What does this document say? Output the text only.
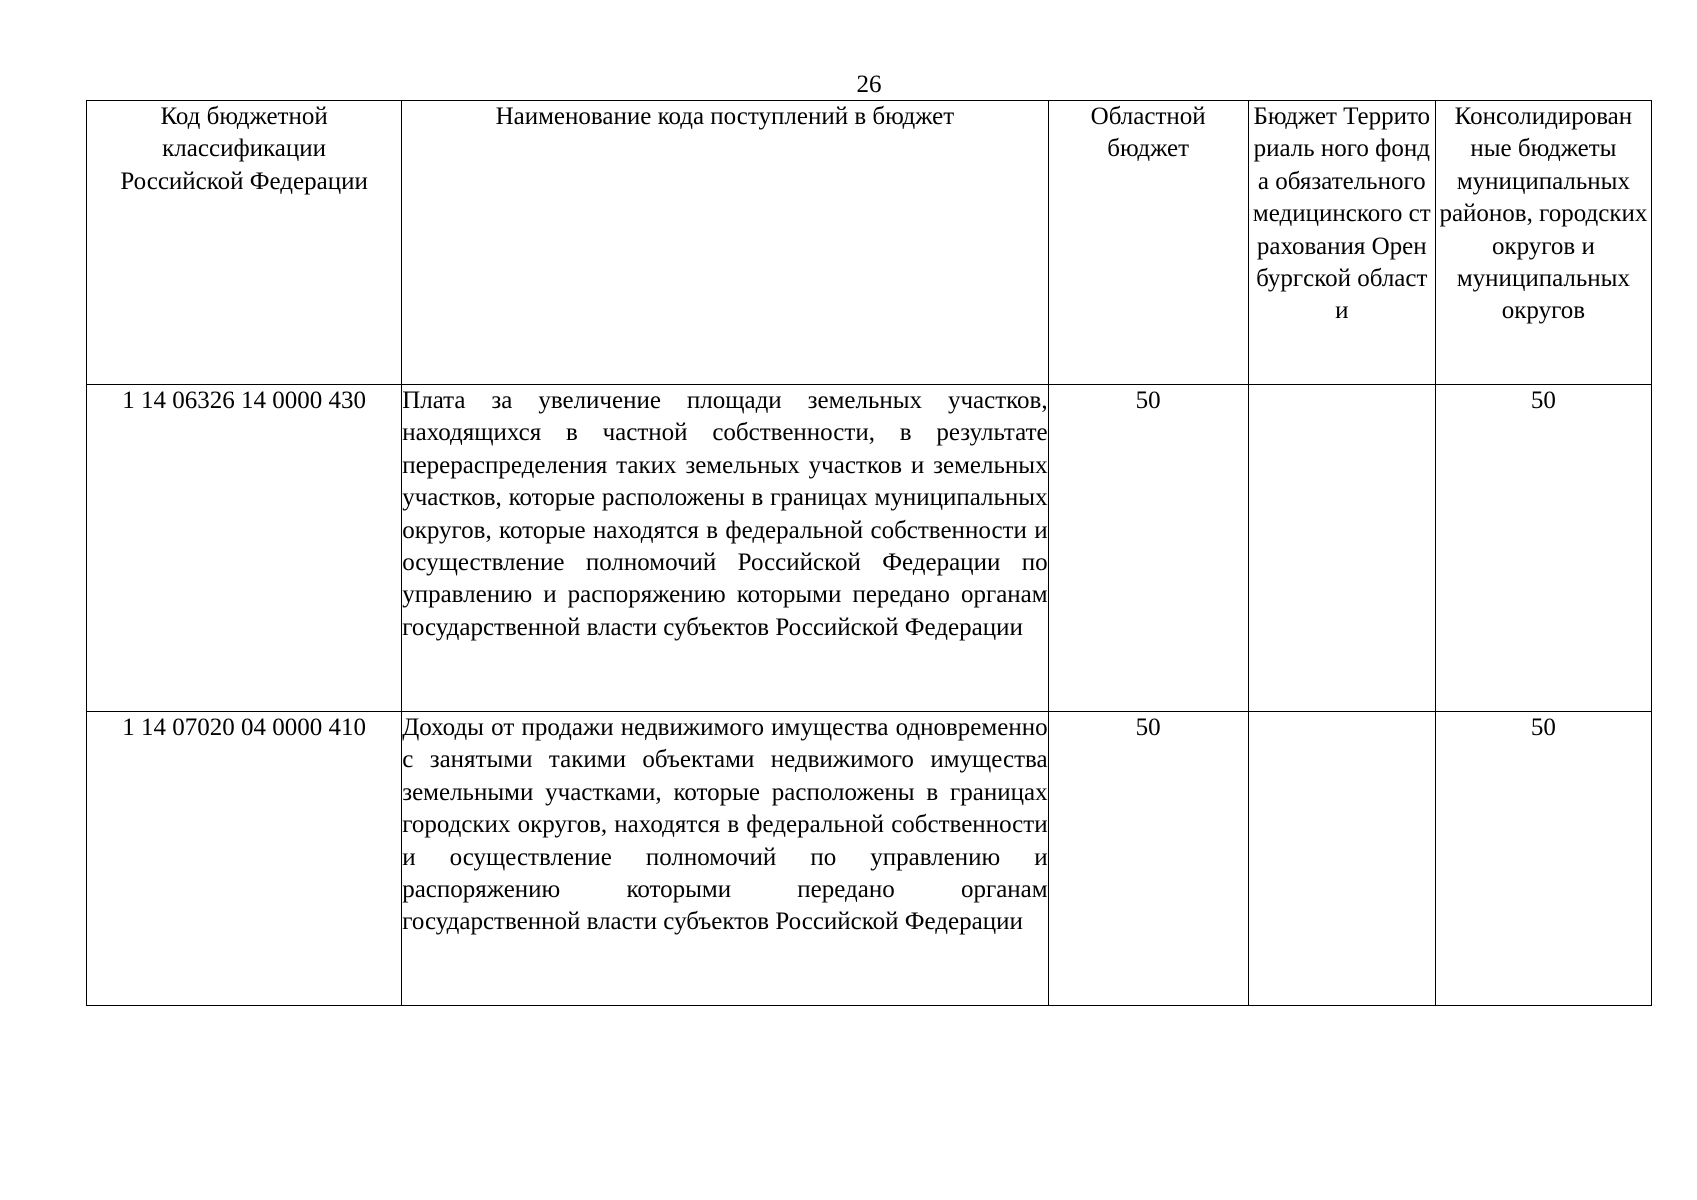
26
Код бюджетной классификации Российской Федерации	Наименование кода поступлений в бюджет	Областной бюджет	Бюджет Территориаль ного фонда обязательного медицинского страхования Оренбургской области	Консолидирован ные бюджеты муниципальных районов, городских округов и муниципальных округов

1 14 06326 14 0000 430	Плата за увеличение площади земельных участков, находящихся в частной собственности, в результате перераспределения таких земельных участков и земельных участков, которые расположены в границах муниципальных округов, которые находятся в федеральной собственности и осуществление полномочий Российской Федерации по управлению и распоряжению которыми передано органам государственной власти субъектов Российской Федерации	50		50
1 14 07020 04 0000 410	Доходы от продажи недвижимого имущества одновременно с занятыми такими объектами недвижимого имущества земельными участками, которые расположены в границах городских округов, находятся в федеральной собственности и осуществление полномочий по управлению и распоряжению которыми передано органам государственной власти субъектов Российской Федерации	50		50
